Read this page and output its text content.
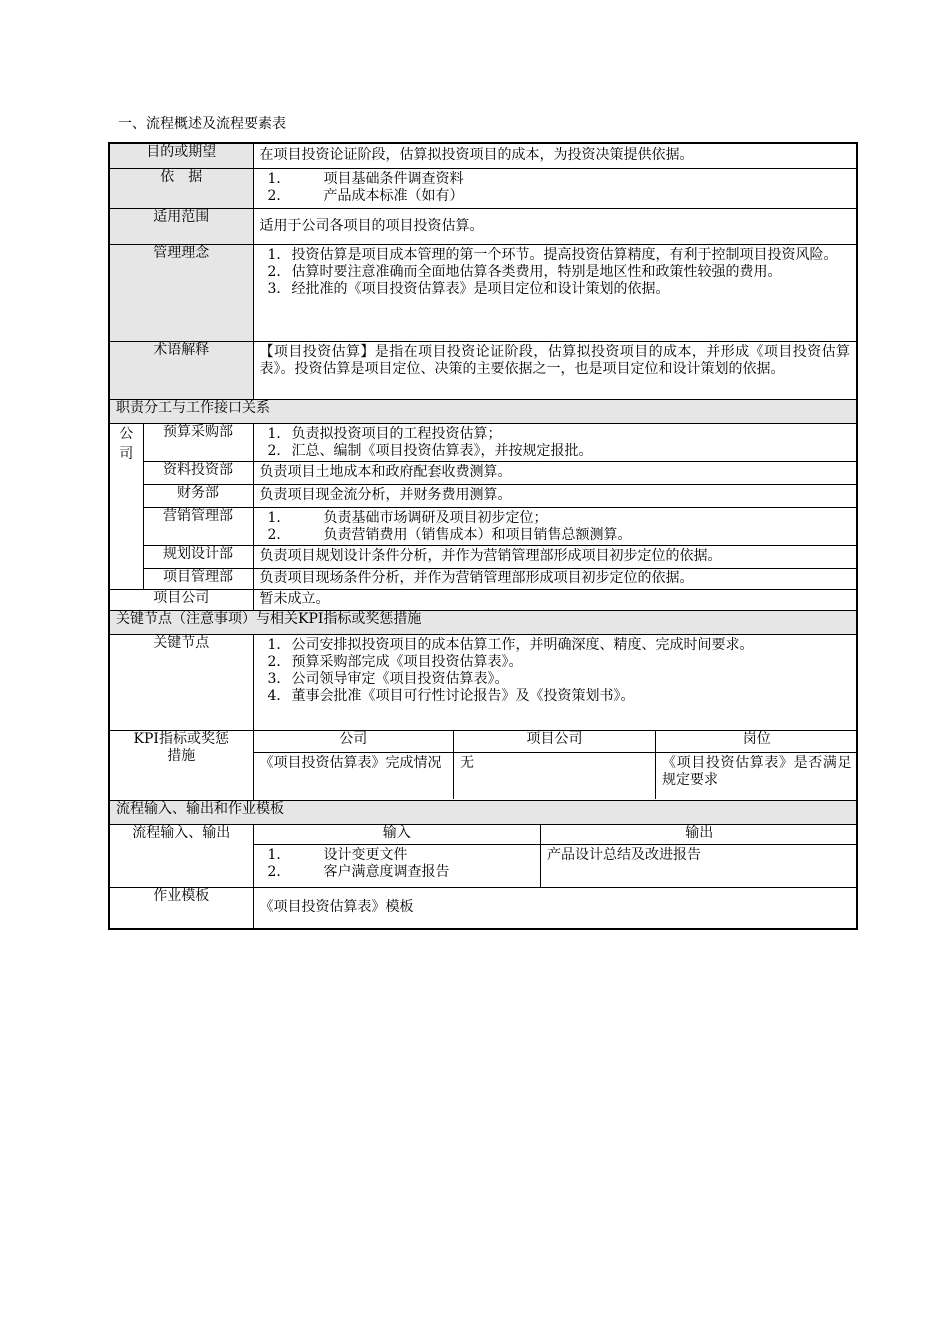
一、流程概述及流程要素表
目的或期望	在项目投资论证阶段，估算拟投资项目的成本，为投资决策提供依据。
依　据	1．	项目基础条件调查资料
2．	产品成本标准（如有）

适用范围	适用于公司各项目的项目投资估算。
管理理念	1． 投资估算是项目成本管理的第一个环节。提高投资估算精度，有利于控制项目投资风险。
2． 估算时要注意准确而全面地估算各类费用，特别是地区性和政策性较强的费用。
3． 经批准的《项目投资估算表》是项目定位和设计策划的依据。

术语解释	【项目投资估算】是指在项目投资论证阶段，估算拟投资项目的成本，并形成《项目投资估算表》。投资估算是项目定位、决策的主要依据之一，也是项目定位和设计策划的依据。
职责分工与工作接口关系
公司	预算采购部	1． 负责拟投资项目的工程投资估算；
2． 汇总、编制《项目投资估算表》，并按规定报批。

资料投资部	负责项目土地成本和政府配套收费测算。
财务部	负责项目现金流分析，并财务费用测算。
营销管理部	1．	负责基础市场调研及项目初步定位；
2．	负责营销费用（销售成本）和项目销售总额测算。

规划设计部	负责项目规划设计条件分析，并作为营销管理部形成项目初步定位的依据。
项目管理部	负责项目现场条件分析，并作为营销管理部形成项目初步定位的依据。
项目公司	暂未成立。
关键节点（注意事项）与相关KPI指标或奖惩措施
关键节点	1． 公司安排拟投资项目的成本估算工作，并明确深度、精度、完成时间要求。
2． 预算采购部完成《项目投资估算表》。
3． 公司领导审定《项目投资估算表》。
4． 董事会批准《项目可行性讨论报告》及《投资策划书》。

KPI指标或奖惩措施	
公司	项目公司	岗位
《项目投资估算表》完成情况	无	《项目投资估算表》是否满足规定要求

流程输入、输出和作业模板
流程输入、输出		输入	输出

1．	设计变更文件
2．	客户满意度调查报告
	产品设计总结及改进报告

作业模板	《项目投资估算表》模板
